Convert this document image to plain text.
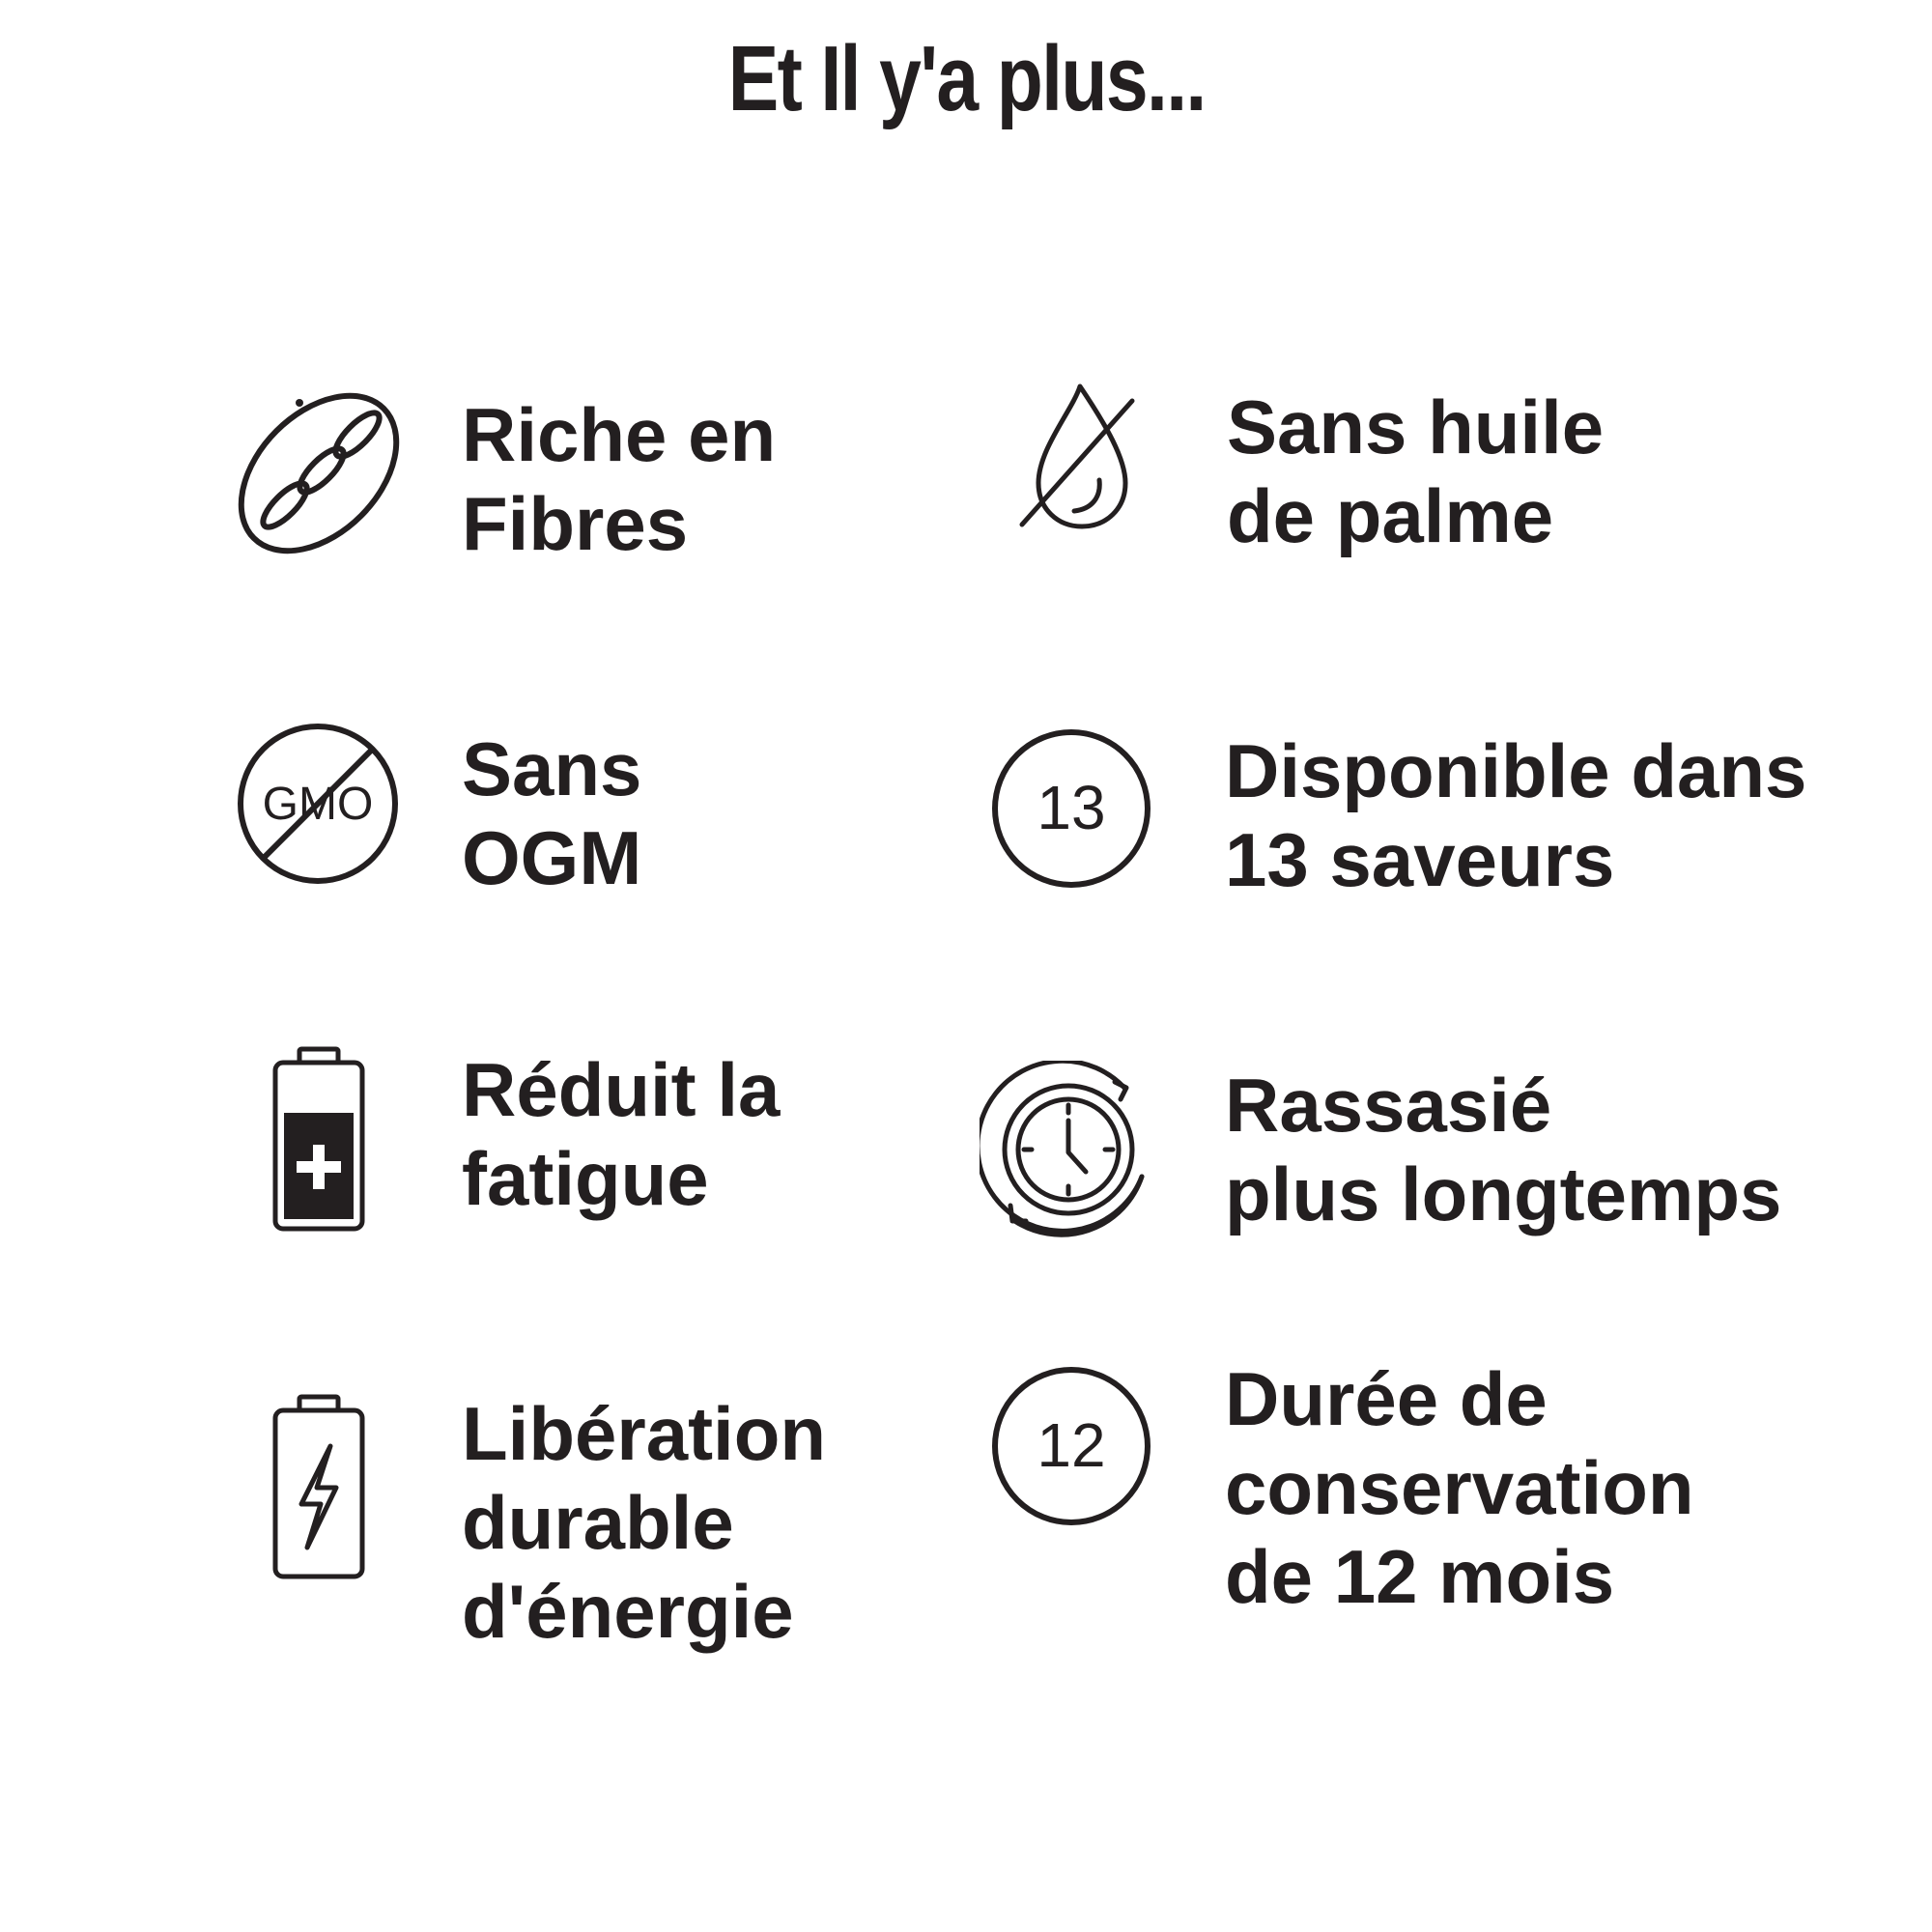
Et Il y'a plus...
Riche en
Fibres
Sans huile
de palme
GMO Sans
OGM
13 Disponible dans
13 saveurs
Réduit la
fatigue
Rassasié
plus longtemps
Libération
durable
d'énergie
12
Durée de
conservation
de 12 mois
